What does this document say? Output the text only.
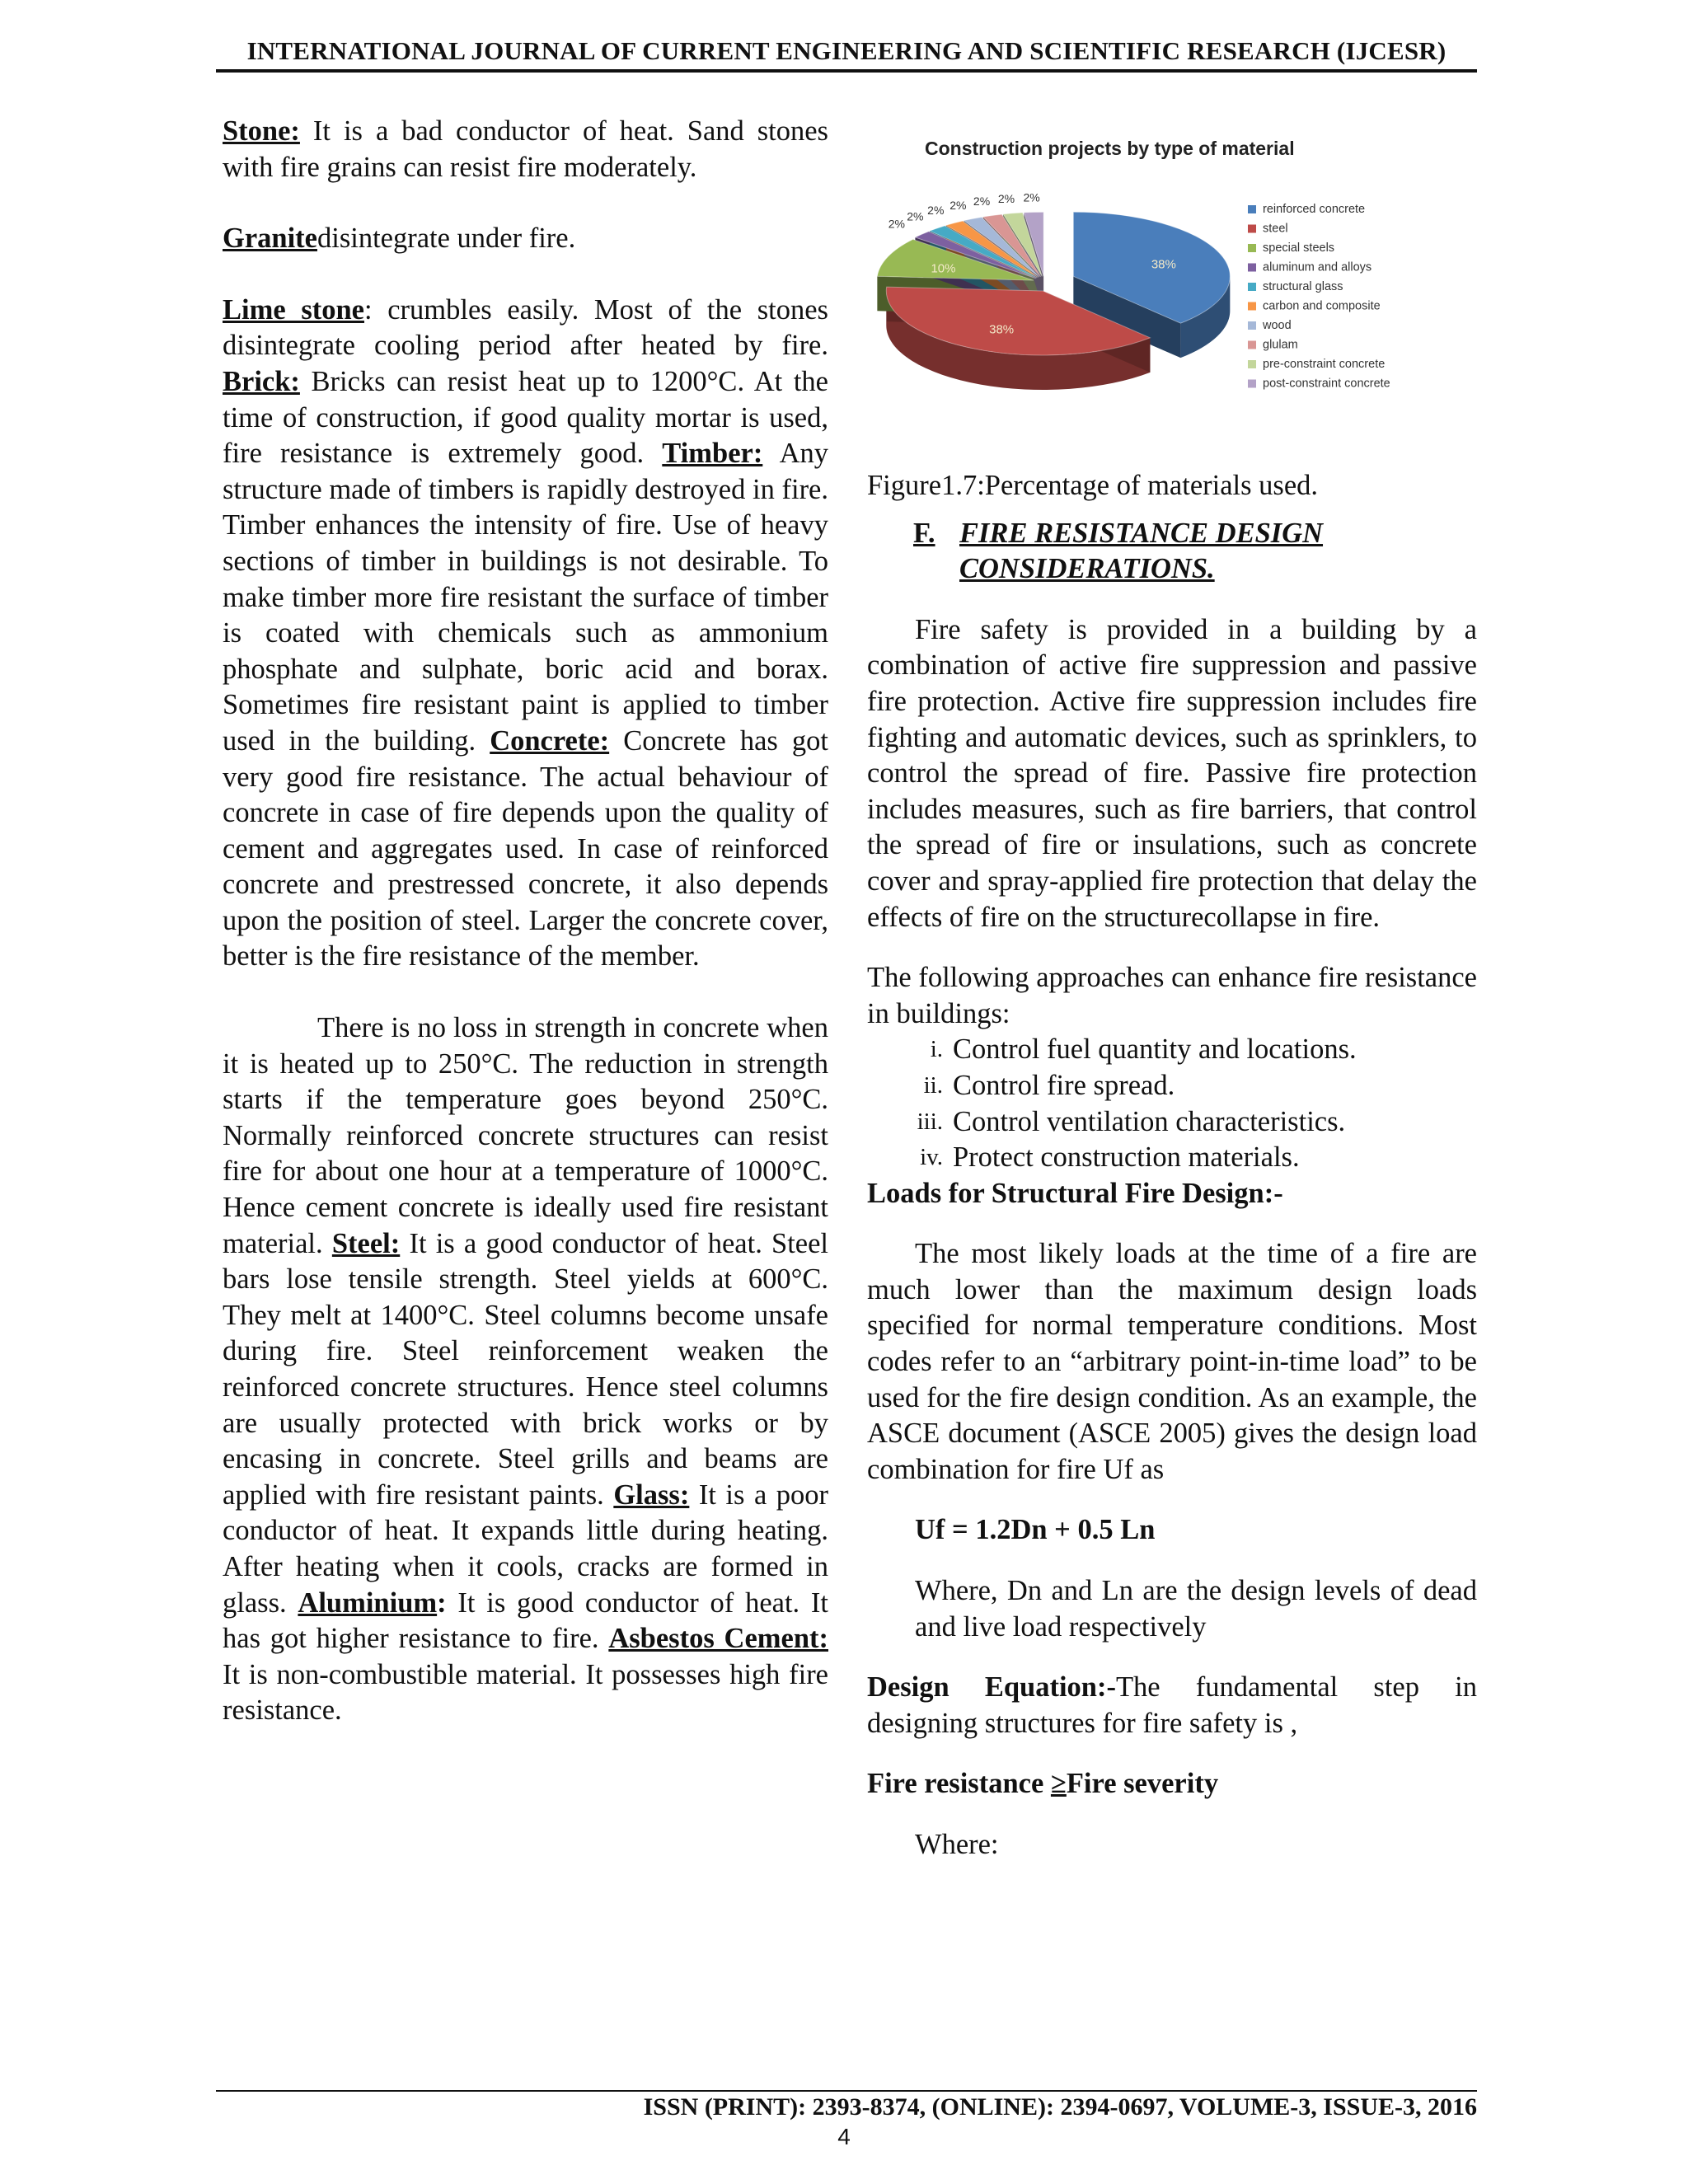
INTERNATIONAL JOURNAL OF CURRENT ENGINEERING AND SCIENTIFIC RESEARCH (IJCESR)

Stone: It is a bad conductor of heat. Sand stones with fire grains can resist fire moderately.

Granitedisintegrate under fire.

Lime stone: crumbles easily. Most of the stones disintegrate cooling period after heated by fire. Brick: Bricks can resist heat up to 1200°C. At the time of construction, if good quality mortar is used, fire resistance is extremely good. Timber: Any structure made of timbers is rapidly destroyed in fire. Timber enhances the intensity of fire. Use of heavy sections of timber in buildings is not desirable. To make timber more fire resistant the surface of timber is coated with chemicals such as ammonium phosphate and sulphate, boric acid and borax. Sometimes fire resistant paint is applied to timber used in the building. Concrete: Concrete has got very good fire resistance. The actual behaviour of concrete in case of fire depends upon the quality of cement and aggregates used. In case of reinforced concrete and prestressed concrete, it also depends upon the position of steel. Larger the concrete cover, better is the fire resistance of the member.

There is no loss in strength in concrete when it is heated up to 250°C. The reduction in strength starts if the temperature goes beyond 250°C. Normally reinforced concrete structures can resist fire for about one hour at a temperature of 1000°C. Hence cement concrete is ideally used fire resistant material. Steel: It is a good conductor of heat. Steel bars lose tensile strength. Steel yields at 600°C. They melt at 1400°C. Steel columns become unsafe during fire. Steel reinforcement weaken the reinforced concrete structures. Hence steel columns are usually protected with brick works or by encasing in concrete. Steel grills and beams are applied with fire resistant paints. Glass: It is a poor conductor of heat. It expands little during heating. After heating when it cools, cracks are formed in glass. Aluminium: It is good conductor of heat. It has got higher resistance to fire. Asbestos Cement: It is non-combustible material. It possesses high fire resistance.

Construction projects by type of material
38%
38%
10%
2%
2% 2% 2% 2% 2% 2%
reinforced concrete
steel
special steels
aluminum and alloys
structural glass
carbon and composite
wood
glulam
pre-constraint concrete
post-constraint concrete

Figure1.7:Percentage of materials used.

F. FIRE RESISTANCE DESIGN CONSIDERATIONS.

Fire safety is provided in a building by a combination of active fire suppression and passive fire protection. Active fire suppression includes fire fighting and automatic devices, such as sprinklers, to control the spread of fire. Passive fire protection includes measures, such as fire barriers, that control the spread of fire or insulations, such as concrete cover and spray-applied fire protection that delay the effects of fire on the structurecollapse in fire.

The following approaches can enhance fire resistance in buildings:

i. Control fuel quantity and locations.
ii. Control fire spread.
iii. Control ventilation characteristics.
iv. Protect construction materials.

Loads for Structural Fire Design:-

The most likely loads at the time of a fire are much lower than the maximum design loads specified for normal temperature conditions. Most codes refer to an “arbitrary point-in-time load” to be used for the fire design condition. As an example, the ASCE document (ASCE 2005) gives the design load combination for fire Uf as

Uf = 1.2Dn + 0.5 Ln

Where, Dn and Ln are the design levels of dead and live load respectively

Design Equation:-The fundamental step in designing structures for fire safety is ,

Fire resistance ≥Fire severity

Where:

ISSN (PRINT): 2393-8374, (ONLINE): 2394-0697, VOLUME-3, ISSUE-3, 2016
4
